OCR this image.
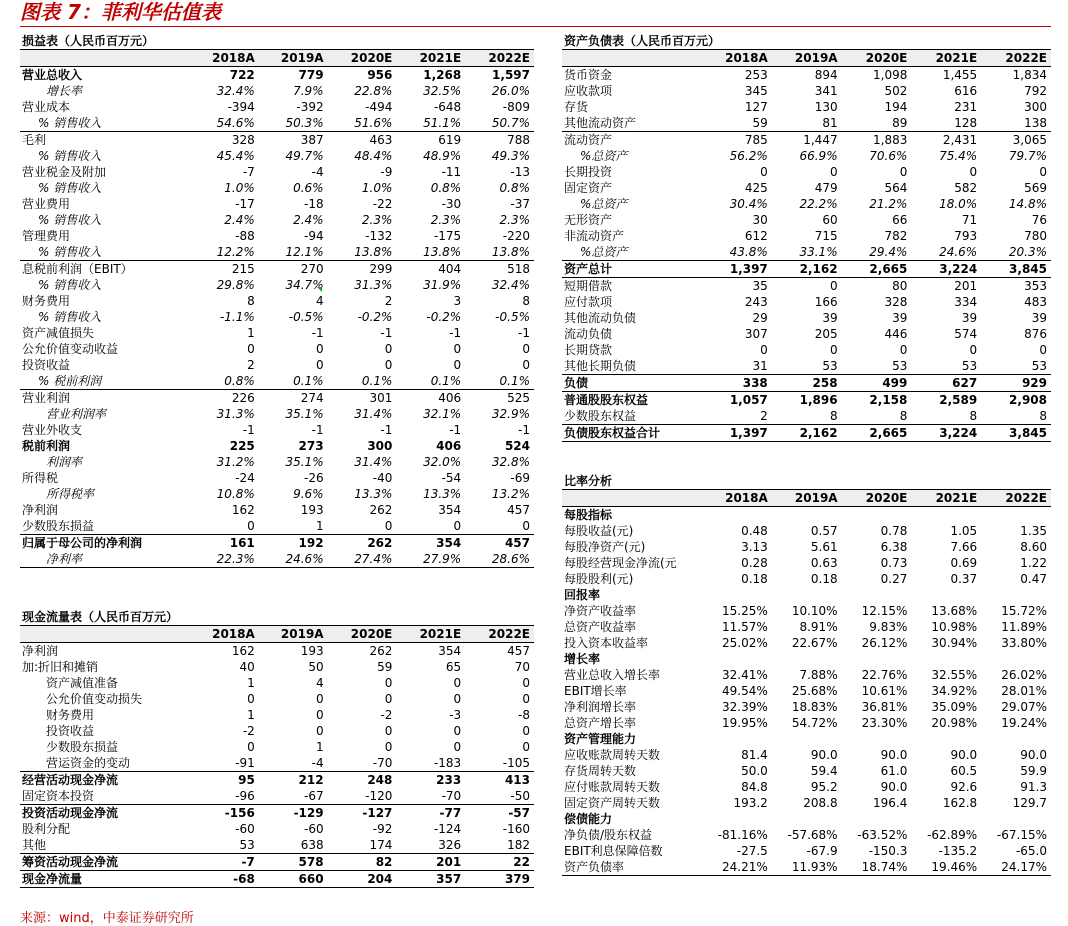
图表 7：菲利华估值表
损益表（人民币百万元）					
	2018A	2019A	2020E	2021E	2022E
营业总收入	722	779	956	1,268	1,597
增长率	32.4%	7.9%	22.8%	32.5%	26.0%
营业成本	-394	-392	-494	-648	-809
% 销售收入	54.6%	50.3%	51.6%	51.1%	50.7%
毛利	328	387	463	619	788
% 销售收入	45.4%	49.7%	48.4%	48.9%	49.3%
营业税金及附加	-7	-4	-9	-11	-13
% 销售收入	1.0%	0.6%	1.0%	0.8%	0.8%
营业费用	-17	-18	-22	-30	-37
% 销售收入	2.4%	2.4%	2.3%	2.3%	2.3%
管理费用	-88	-94	-132	-175	-220
% 销售收入	12.2%	12.1%	13.8%	13.8%	13.8%
息税前利润（EBIT）	215	270	299	404	518
% 销售收入	29.8%	34.7%	31.3%	31.9%	32.4%
财务费用	8	4	2	3	8
% 销售收入	-1.1%	-0.5%	-0.2%	-0.2%	-0.5%
资产减值损失	1	-1	-1	-1	-1
公允价值变动收益	0	0	0	0	0
投资收益	2	0	0	0	0
% 税前利润	0.8%	0.1%	0.1%	0.1%	0.1%
营业利润	226	274	301	406	525
营业利润率	31.3%	35.1%	31.4%	32.1%	32.9%
营业外收支	-1	-1	-1	-1	-1
税前利润	225	273	300	406	524
利润率	31.2%	35.1%	31.4%	32.0%	32.8%
所得税	-24	-26	-40	-54	-69
所得税率	10.8%	9.6%	13.3%	13.3%	13.2%
净利润	162	193	262	354	457
少数股东损益	0	1	0	0	0
归属于母公司的净利润	161	192	262	354	457
净利率	22.3%	24.6%	27.4%	27.9%	28.6%
现金流量表（人民币百万元）					
	2018A	2019A	2020E	2021E	2022E
净利润	162	193	262	354	457
加:折旧和摊销	40	50	59	65	70
资产减值准备	1	4	0	0	0
公允价值变动损失	0	0	0	0	0
财务费用	1	0	-2	-3	-8
投资收益	-2	0	0	0	0
少数股东损益	0	1	0	0	0
营运资金的变动	-91	-4	-70	-183	-105
经营活动现金净流	95	212	248	233	413
固定资本投资	-96	-67	-120	-70	-50
投资活动现金净流	-156	-129	-127	-77	-57
股利分配	-60	-60	-92	-124	-160
其他	53	638	174	326	182
筹资活动现金净流	-7	578	82	201	22
现金净流量	-68	660	204	357	379
资产负债表（人民币百万元）					
	2018A	2019A	2020E	2021E	2022E
货币资金	253	894	1,098	1,455	1,834
应收款项	345	341	502	616	792
存货	127	130	194	231	300
其他流动资产	59	81	89	128	138
流动资产	785	1,447	1,883	2,431	3,065
%总资产	56.2%	66.9%	70.6%	75.4%	79.7%
长期投资	0	0	0	0	0
固定资产	425	479	564	582	569
%总资产	30.4%	22.2%	21.2%	18.0%	14.8%
无形资产	30	60	66	71	76
非流动资产	612	715	782	793	780
%总资产	43.8%	33.1%	29.4%	24.6%	20.3%
资产总计	1,397	2,162	2,665	3,224	3,845
短期借款	35	0	80	201	353
应付款项	243	166	328	334	483
其他流动负债	29	39	39	39	39
流动负债	307	205	446	574	876
长期贷款	0	0	0	0	0
其他长期负债	31	53	53	53	53
负债	338	258	499	627	929
普通股股东权益	1,057	1,896	2,158	2,589	2,908
少数股东权益	2	8	8	8	8
负债股东权益合计	1,397	2,162	2,665	3,224	3,845
比率分析					
	2018A	2019A	2020E	2021E	2022E
每股指标					
每股收益(元)	0.48	0.57	0.78	1.05	1.35
每股净资产(元)	3.13	5.61	6.38	7.66	8.60
每股经营现金净流(元	0.28	0.63	0.73	0.69	1.22
每股股利(元)	0.18	0.18	0.27	0.37	0.47
回报率					
净资产收益率	15.25%	10.10%	12.15%	13.68%	15.72%
总资产收益率	11.57%	8.91%	9.83%	10.98%	11.89%
投入资本收益率	25.02%	22.67%	26.12%	30.94%	33.80%
增长率					
营业总收入增长率	32.41%	7.88%	22.76%	32.55%	26.02%
EBIT增长率	49.54%	25.68%	10.61%	34.92%	28.01%
净利润增长率	32.39%	18.83%	36.81%	35.09%	29.07%
总资产增长率	19.95%	54.72%	23.30%	20.98%	19.24%
资产管理能力					
应收账款周转天数	81.4	90.0	90.0	90.0	90.0
存货周转天数	50.0	59.4	61.0	60.5	59.9
应付账款周转天数	84.8	95.2	90.0	92.6	91.3
固定资产周转天数	193.2	208.8	196.4	162.8	129.7
偿债能力					
净负债/股东权益	-81.16%	-57.68%	-63.52%	-62.89%	-67.15%
EBIT利息保障倍数	-27.5	-67.9	-150.3	-135.2	-65.0
资产负债率	24.21%	11.93%	18.74%	19.46%	24.17%
来源：wind，中泰证券研究所
